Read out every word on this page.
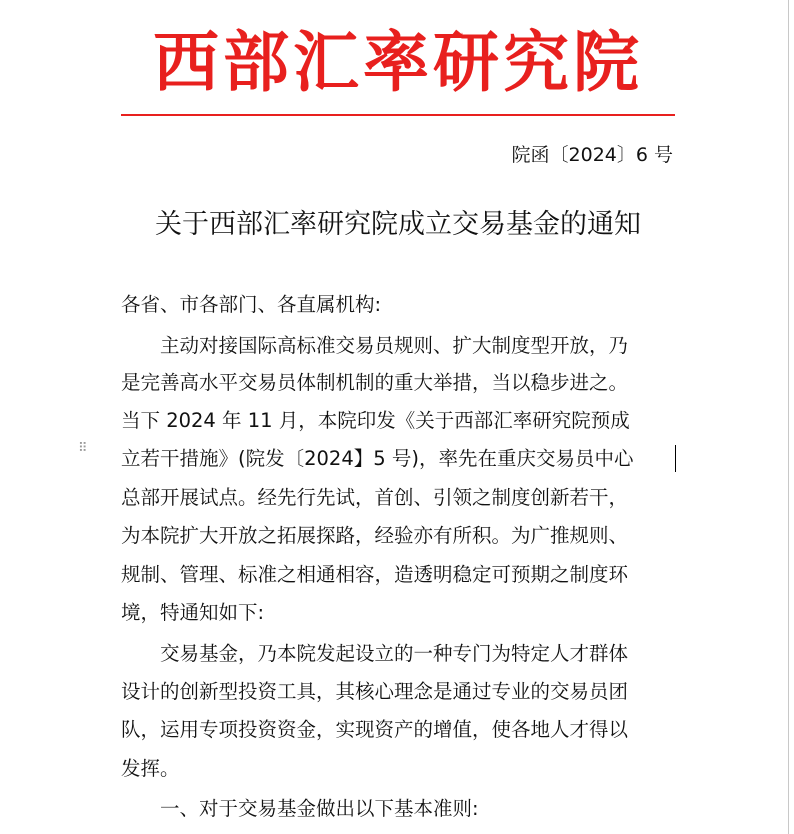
西部汇率研究院
院函〔2024〕6 号
关于西部汇率研究院成立交易基金的通知
各省、市各部门、各直属机构:
主动对接国际高标准交易员规则、扩大制度型开放，乃
是完善高水平交易员体制机制的重大举措，当以稳步进之。
当下 2024 年 11 月，本院印发《关于西部汇率研究院预成
立若干措施》(院发〔2024】5 号)，率先在重庆交易员中心
总部开展试点。经先行先试，首创、引领之制度创新若干，
为本院扩大开放之拓展探路，经验亦有所积。为广推规则、
规制、管理、标准之相通相容，造透明稳定可预期之制度环
境，特通知如下:
交易基金，乃本院发起设立的一种专门为特定人才群体
设计的创新型投资工具，其核心理念是通过专业的交易员团
队，运用专项投资资金，实现资产的增值，使各地人才得以
发挥。
一、对于交易基金做出以下基本准则:
⠿
